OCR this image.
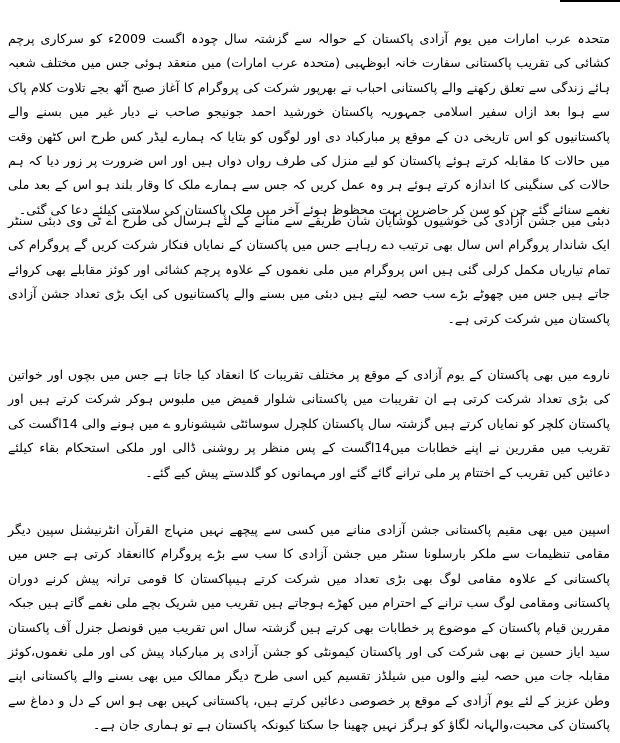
متحدہ عرب امارات میں یوم آزادی پاکستان کے حوالہ سے گزشتہ سال چودہ اگست 2009ء کو سرکاری پرچم کشائی کی تقریب پاکستانی سفارت خانہ ابوظہبی (متحدہ عرب امارات) میں منعقد ہوئی جس میں مختلف شعبہ ہائے زندگی سے تعلق رکھنے والے پاکستانی احباب نے بھرپور شرکت کی پروگرام کا آغاز صبح آٹھ بجے تلاوت کلام پاک سے ہوا بعد ازاں سفیر اسلامی جمہوریہ پاکستان خورشید احمد جونیجو صاحب نے دیار غیر میں بسنے والے پاکستانیوں کو اس تاریخی دن کے موقع پر مبارکباد دی اور لوگوں کو بتایا کہ ہمارے لیڈر کس طرح اس کٹھن وقت میں حالات کا مقابلہ کرتے ہوئے پاکستان کو لیے منزل کی طرف رواں دواں ہیں اور اس ضرورت پر زور دیا کہ ہم حالات کی سنگینی کا اندازہ کرتے ہوئے ہر وہ عمل کریں کہ جس سے ہمارے ملک کا وقار بلند ہو اس کے بعد ملی نغمے سنائے گئے جن کو سن کر حاضرین بہت محظوظ ہوئے آخر میں ملک پاکستان کی سلامتی کیلئے دعا کی گئی۔

دبئی میں جشن آزادی کی خوشیوں کوشایان شان طریقے سے منانے کے لئے ہرسال کی طرح اے ٹی وی دبئی سنٹر ایک شاندار پروگرام اس سال بھی ترتیب دے رہاہے جس میں پاکستان کے نمایاں فنکار شرکت کریں گے پروگرام کی تمام تیاریاں مکمل کرلی گئی ہیں اس پروگرام میں ملی نغموں کے علاوہ پرچم کشائی اور کوئز مقابلے بھی کروائے جاتے ہیں جس میں چھوٹے بڑے سب حصہ لیتے ہیں دبئی میں بسنے والے پاکستانیوں کی ایک بڑی تعداد جشن آزادی پاکستان میں شرکت کرتی ہے۔

ناروے میں بھی پاکستان کے یوم آزادی کے موقع پر مختلف تقریبات کا انعقاد کیا جاتا ہے جس میں بچوں اور خواتین کی بڑی تعداد شرکت کرتی ہے ان تقریبات میں پاکستانی شلوار قمیض میں ملبوس ہوکر شرکت کرتے ہیں اور پاکستان کلچر کو نمایاں کرتے ہیں گزشتہ سال پاکستان کلچرل سوسائٹی شیشونارو ے میں ہونے والی 14اگست کی تقریب میں مقررین نے اپنے خطابات میں14اگست کے پس منظر پر روشنی ڈالی اور ملکی استحکام بقاء کیلئے دعائیں کیں تقریب کے اختتام پر ملی ترانے گائے گئے اور مہمانوں کو گلدستے پیش کیے گئے۔

اسپین میں بھی مقیم پاکستانی جشن آزادی منانے میں کسی سے پیچھے نہیں منہاج القرآن انٹرنیشنل سپین دیگر مقامی تنظیمات سے ملکر بارسلونا سنٹر میں جشن آزادی کا سب سے بڑے پروگرام کاانعقاد کرتی ہے جس میں پاکستانی کے علاوہ مقامی لوگ بھی بڑی تعداد میں شرکت کرتے ہیںپاکستان کا قومی ترانہ پیش کرنے دوران پاکستانی ومقامی لوگ سب ترانے کے احترام میں کھڑے ہوجاتے ہیں تقریب میں شریک بچے ملی نغمے گاتے ہیں جبکہ مقررین قیام پاکستان کے موضوع پر خطابات بھی کرتے ہیں گزشتہ سال اس تقریب میں قونصل جنرل آف پاکستان سید ایاز حسین نے بھی شرکت کی اور پاکستان کیمونٹی کو جشن آزادی پر مبارکباد پیش کی اور ملی نغموں،کوئز مقابلہ جات میں حصہ لینے والوں میں شیلڈز تقسیم کیں اسی طرح دیگر ممالک میں بھی بسنے والے پاکستانی اپنے وطن عزیز کے لئے یوم آزادی کے موقع پر خصوصی دعائیں کرتے ہیں، پاکستانی کہیں بھی ہو اس کے دل و دماغ سے پاکستان کی محبت،والہانہ لگاؤ کو ہرگز نہیں چھینا جا سکتا کیونکہ پاکستان ہے تو ہماری جان ہے۔
